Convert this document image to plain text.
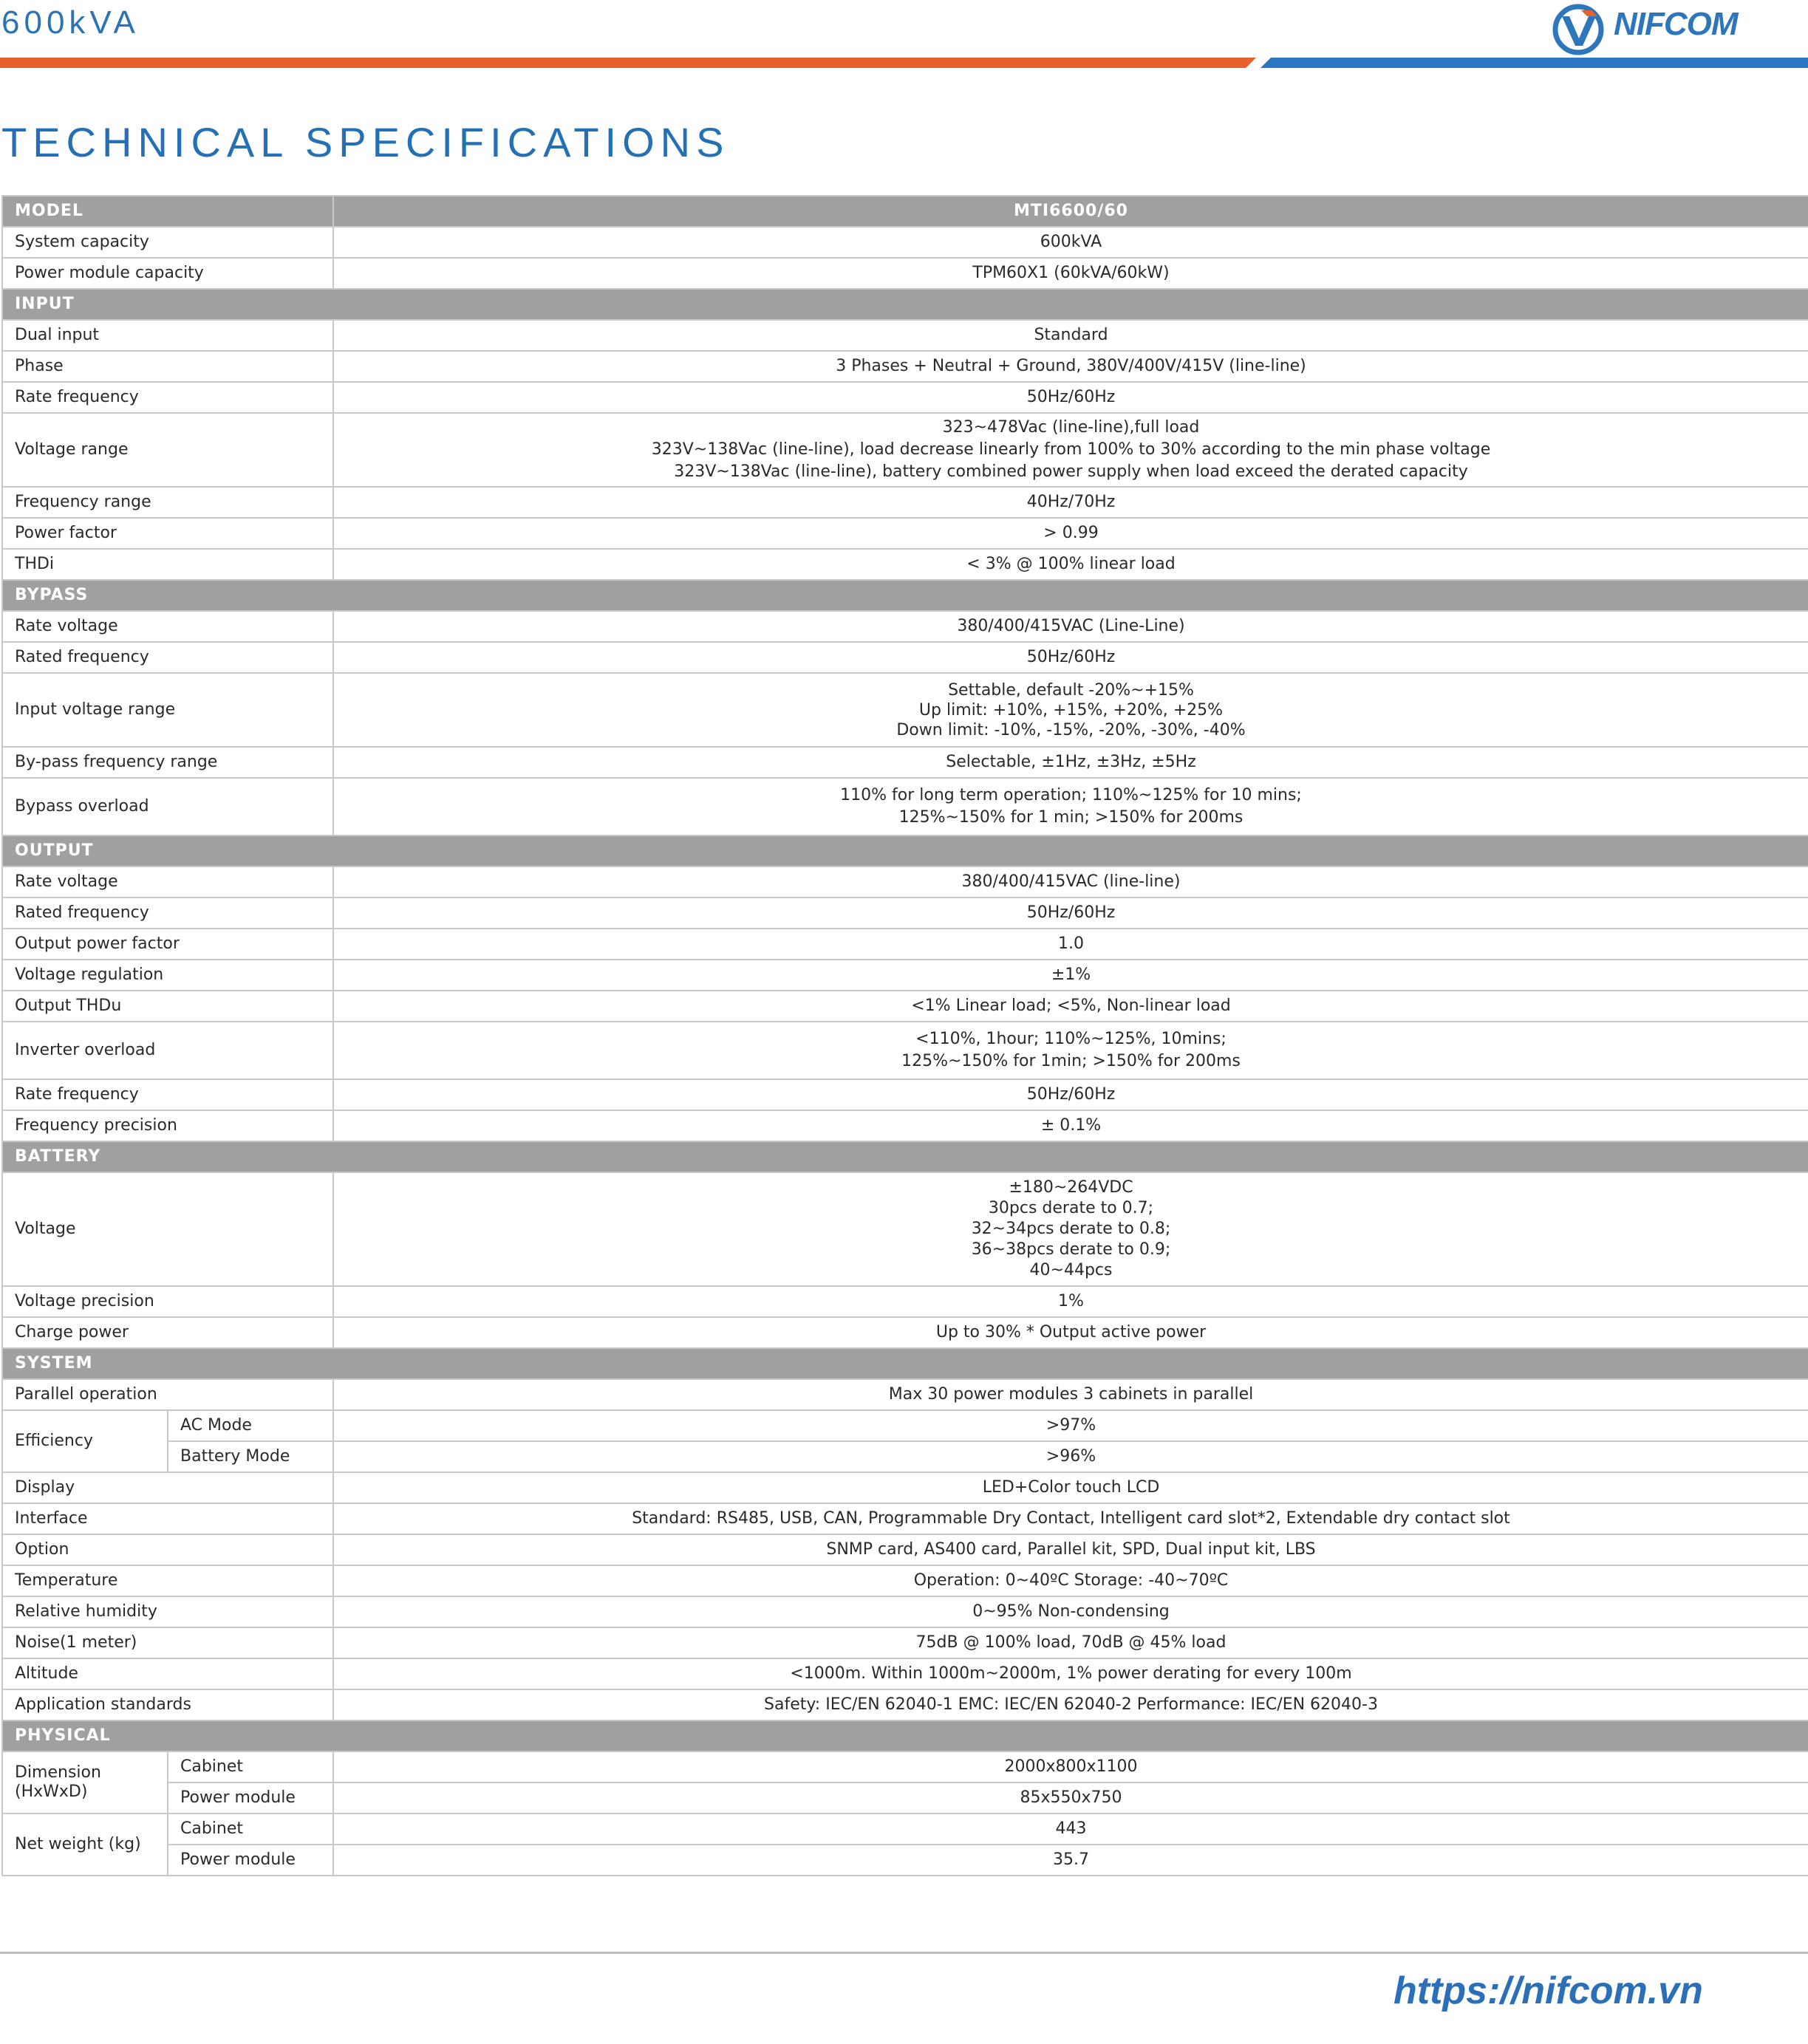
600kVA	NIFCOM
TECHNICAL SPECIFICATIONS
MODEL		MTI6600/60
System capacity		600kVA
Power module capacity		TPM60X1 (60kVA/60kW)
INPUT		
Dual input		Standard
Phase		3 Phases + Neutral + Ground, 380V/400V/415V (line-line)
Rate frequency		50Hz/60Hz
Voltage range		323~478Vac (line-line),full load
323V~138Vac (line-line), load decrease linearly from 100% to 30% according to the min phase voltage
323V~138Vac (line-line), battery combined power supply when load exceed the derated capacity

Frequency range		40Hz/70Hz
Power factor		> 0.99
THDi		< 3% @ 100% linear load
BYPASS		
Rate voltage		380/400/415VAC (Line-Line)
Rated frequency		50Hz/60Hz
Input voltage range		Settable, default -20%~+15%
Up limit: +10%, +15%, +20%, +25%
Down limit: -10%, -15%, -20%, -30%, -40%

By-pass frequency range		Selectable, ±1Hz, ±3Hz, ±5Hz
Bypass overload		110% for long term operation; 110%~125% for 10 mins;
125%~150% for 1 min; >150% for 200ms

OUTPUT		
Rate voltage		380/400/415VAC (line-line)
Rated frequency		50Hz/60Hz
Output power factor		1.0
Voltage regulation		±1%
Output THDu		<1% Linear load; <5%, Non-linear load
Inverter overload		<110%, 1hour; 110%~125%, 10mins;
125%~150% for 1min; >150% for 200ms

Rate frequency		50Hz/60Hz
Frequency precision		± 0.1%
BATTERY		
Voltage		±180~264VDC
30pcs derate to 0.7;
32~34pcs derate to 0.8;
36~38pcs derate to 0.9;
40~44pcs

Voltage precision		1%
Charge power		Up to 30% * Output active power
SYSTEM		
Parallel operation		Max 30 power modules 3 cabinets in parallel
Efficiency	AC Mode	>97%
	Battery Mode	>96%
Display		LED+Color touch LCD
Interface		Standard: RS485, USB, CAN, Programmable Dry Contact, Intelligent card slot*2, Extendable dry contact slot
Option		SNMP card, AS400 card, Parallel kit, SPD, Dual input kit, LBS
Temperature		Operation: 0~40ºC Storage: -40~70ºC
Relative humidity		0~95% Non-condensing
Noise(1 meter)		75dB @ 100% load, 70dB @ 45% load
Altitude		<1000m. Within 1000m~2000m, 1% power derating for every 100m
Application standards		Safety: IEC/EN 62040-1 EMC: IEC/EN 62040-2 Performance: IEC/EN 62040-3
PHYSICAL		

Dimension
(HxWxD)	Cabinet	2000x800x1100
	Power module	85x550x750
Net weight (kg)	Cabinet	443
	Power module	35.7
https://nifcom.vn
